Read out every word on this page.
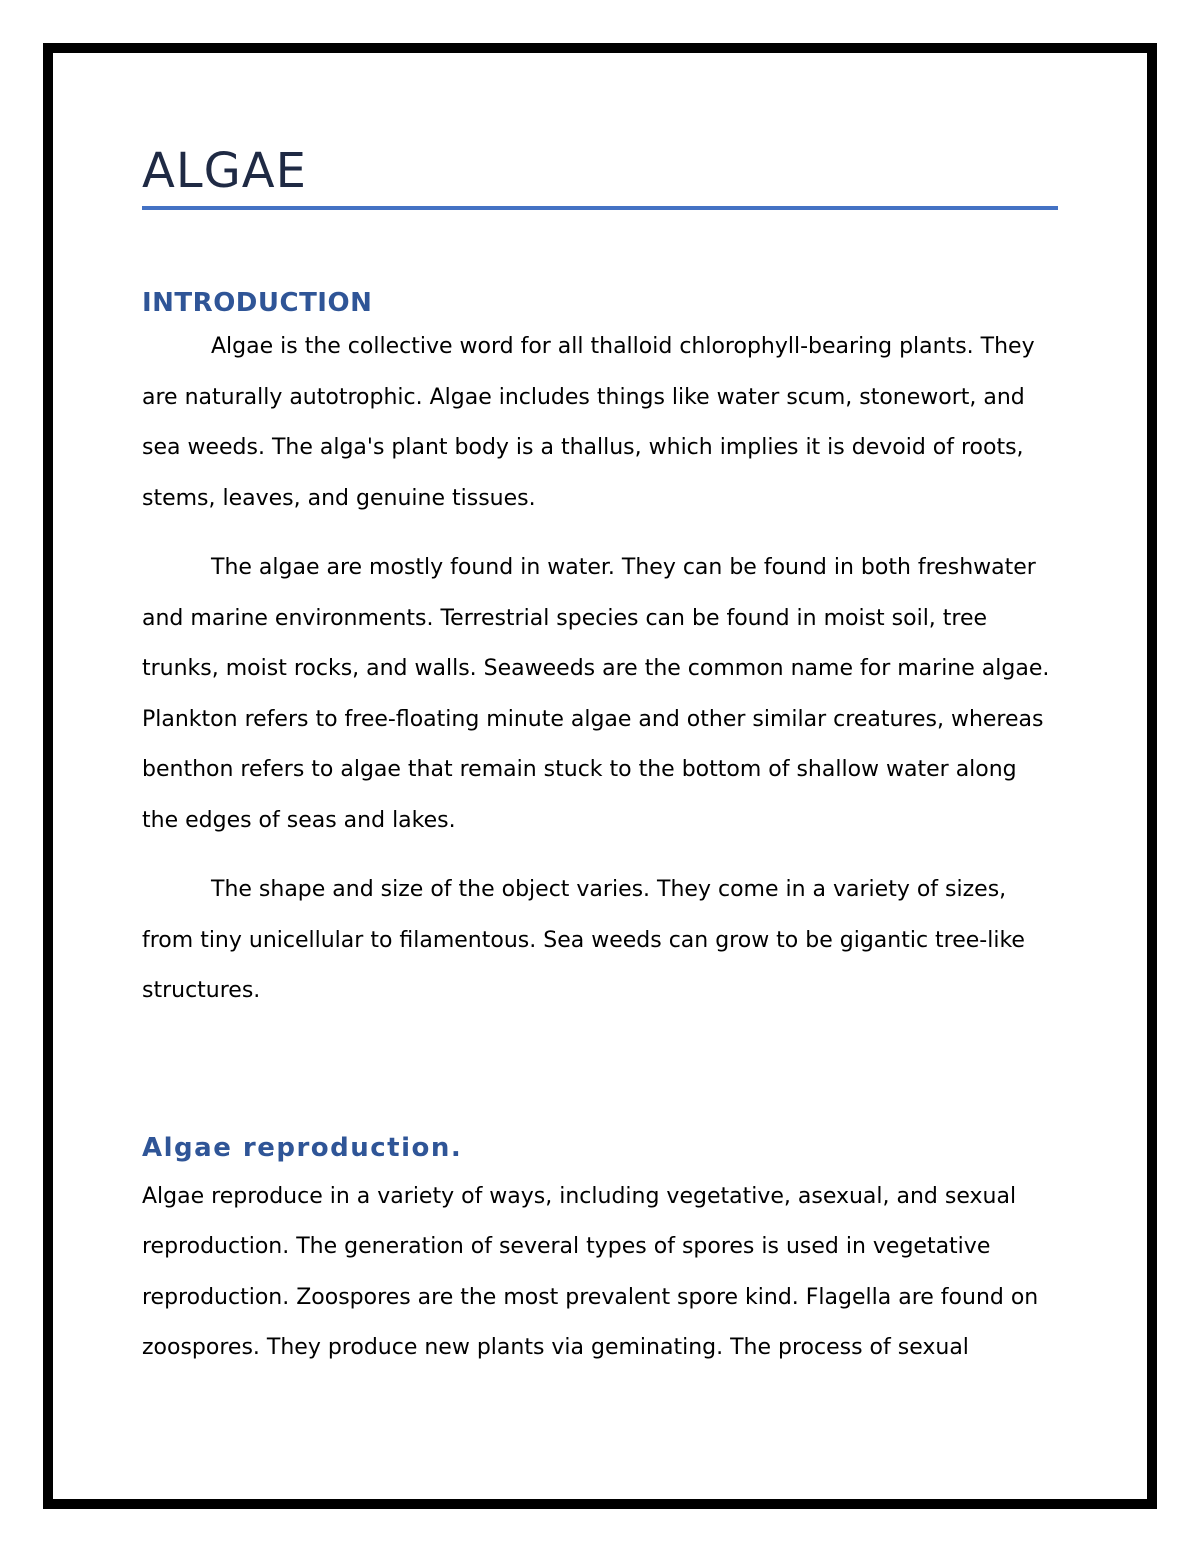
ALGAE
INTRODUCTION

Algae is the collective word for all thalloid chlorophyll-bearing plants. They are naturally autotrophic. Algae includes things like water scum, stonewort, and sea weeds. The alga's plant body is a thallus, which implies it is devoid of roots, stems, leaves, and genuine tissues.

The algae are mostly found in water. They can be found in both freshwater and marine environments. Terrestrial species can be found in moist soil, tree trunks, moist rocks, and walls. Seaweeds are the common name for marine algae. Plankton refers to free-floating minute algae and other similar creatures, whereas benthon refers to algae that remain stuck to the bottom of shallow water along the edges of seas and lakes.

The shape and size of the object varies. They come in a variety of sizes, from tiny unicellular to filamentous. Sea weeds can grow to be gigantic tree-like structures.

Algae reproduction.

Algae reproduce in a variety of ways, including vegetative, asexual, and sexual reproduction. The generation of several types of spores is used in vegetative reproduction. Zoospores are the most prevalent spore kind. Flagella are found on zoospores. They produce new plants via geminating. The process of sexual
